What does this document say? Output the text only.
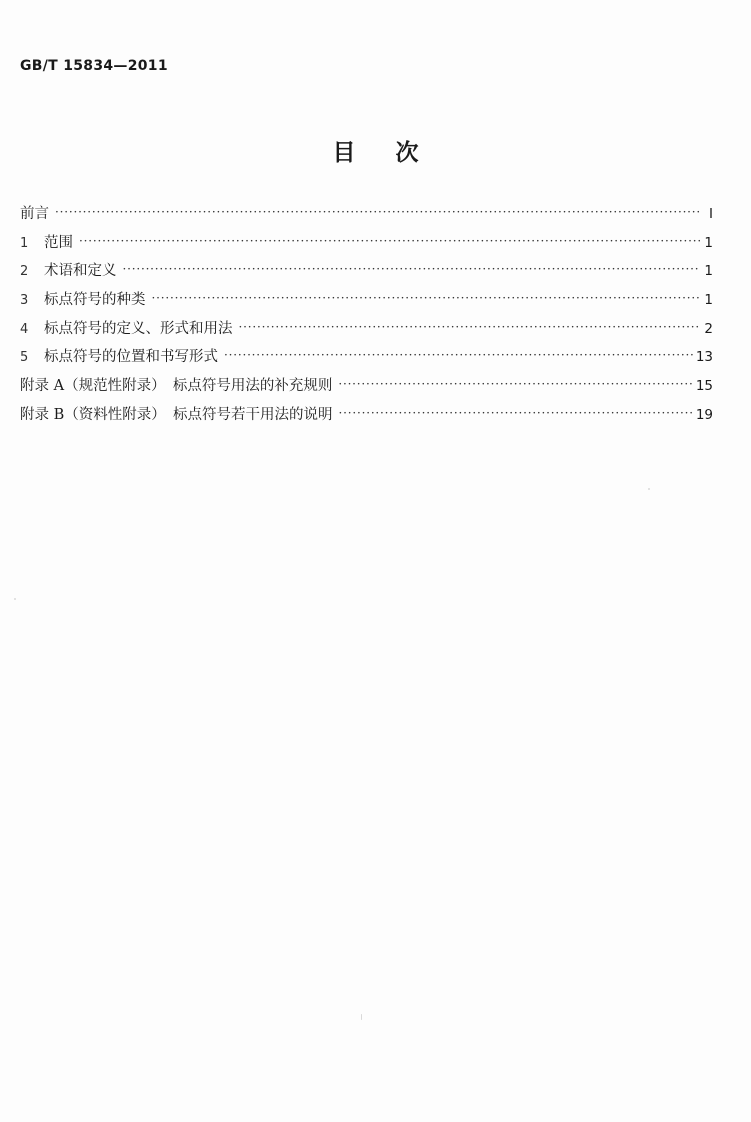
GB/T 15834—2011
目 次
前言 ·····	Ⅰ
1	范围 ·····	1
2	术语和定义 ·····	1
3	标点符号的种类 ·····	1
4	标点符号的定义、形式和用法 ·····	2
5	标点符号的位置和书写形式 ·····	13
附录 A（规范性附录）　标点符号用法的补充规则 ·····	15
附录 B（资料性附录）　标点符号若干用法的说明 ·····	19
